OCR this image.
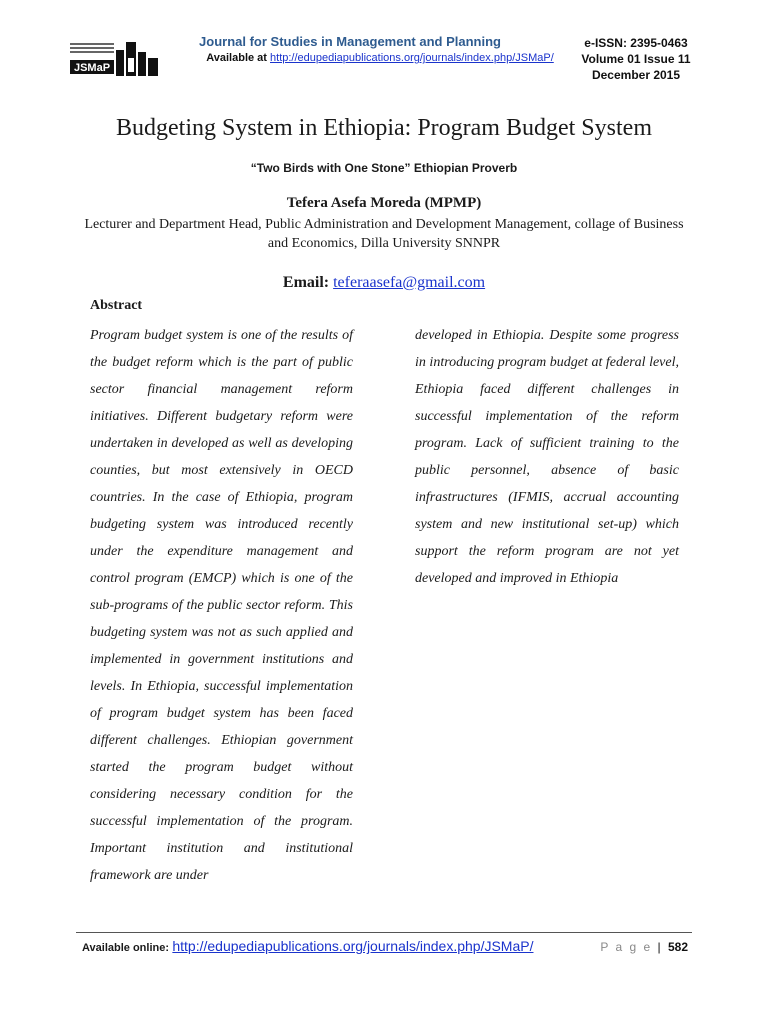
JSMaP
Journal for Studies in Management and Planning
Available at http://edupediapublications.org/journals/index.php/JSMaP/
e-ISSN: 2395-0463
Volume 01 Issue 11
December 2015
Budgeting System in Ethiopia: Program Budget System
“Two Birds with One Stone” Ethiopian Proverb
Tefera Asefa Moreda (MPMP)
Lecturer and Department Head, Public Administration and Development Management, collage of Business and Economics, Dilla University SNNPR
Email: teferaasefa@gmail.com
Abstract
Program budget system is one of the results of the budget reform which is the part of public sector financial management reform initiatives. Different budgetary reform were undertaken in developed as well as developing counties, but most extensively in OECD countries. In the case of Ethiopia, program budgeting system was introduced recently under the expenditure management and control program (EMCP) which is one of the sub-programs of the public sector reform. This budgeting system was not as such applied and implemented in government institutions and levels. In Ethiopia, successful implementation of program budget system has been faced different challenges. Ethiopian government started the program budget without considering necessary condition for the successful implementation of the program. Important institution and institutional framework are under
developed in Ethiopia. Despite some progress in introducing program budget at federal level, Ethiopia faced different challenges in successful implementation of the reform program. Lack of sufficient training to the public personnel, absence of basic infrastructures (IFMIS, accrual accounting system and new institutional set-up) which support the reform program are not yet developed and improved in Ethiopia
Available online: http://edupediapublications.org/journals/index.php/JSMaP/	P a g e | 582
